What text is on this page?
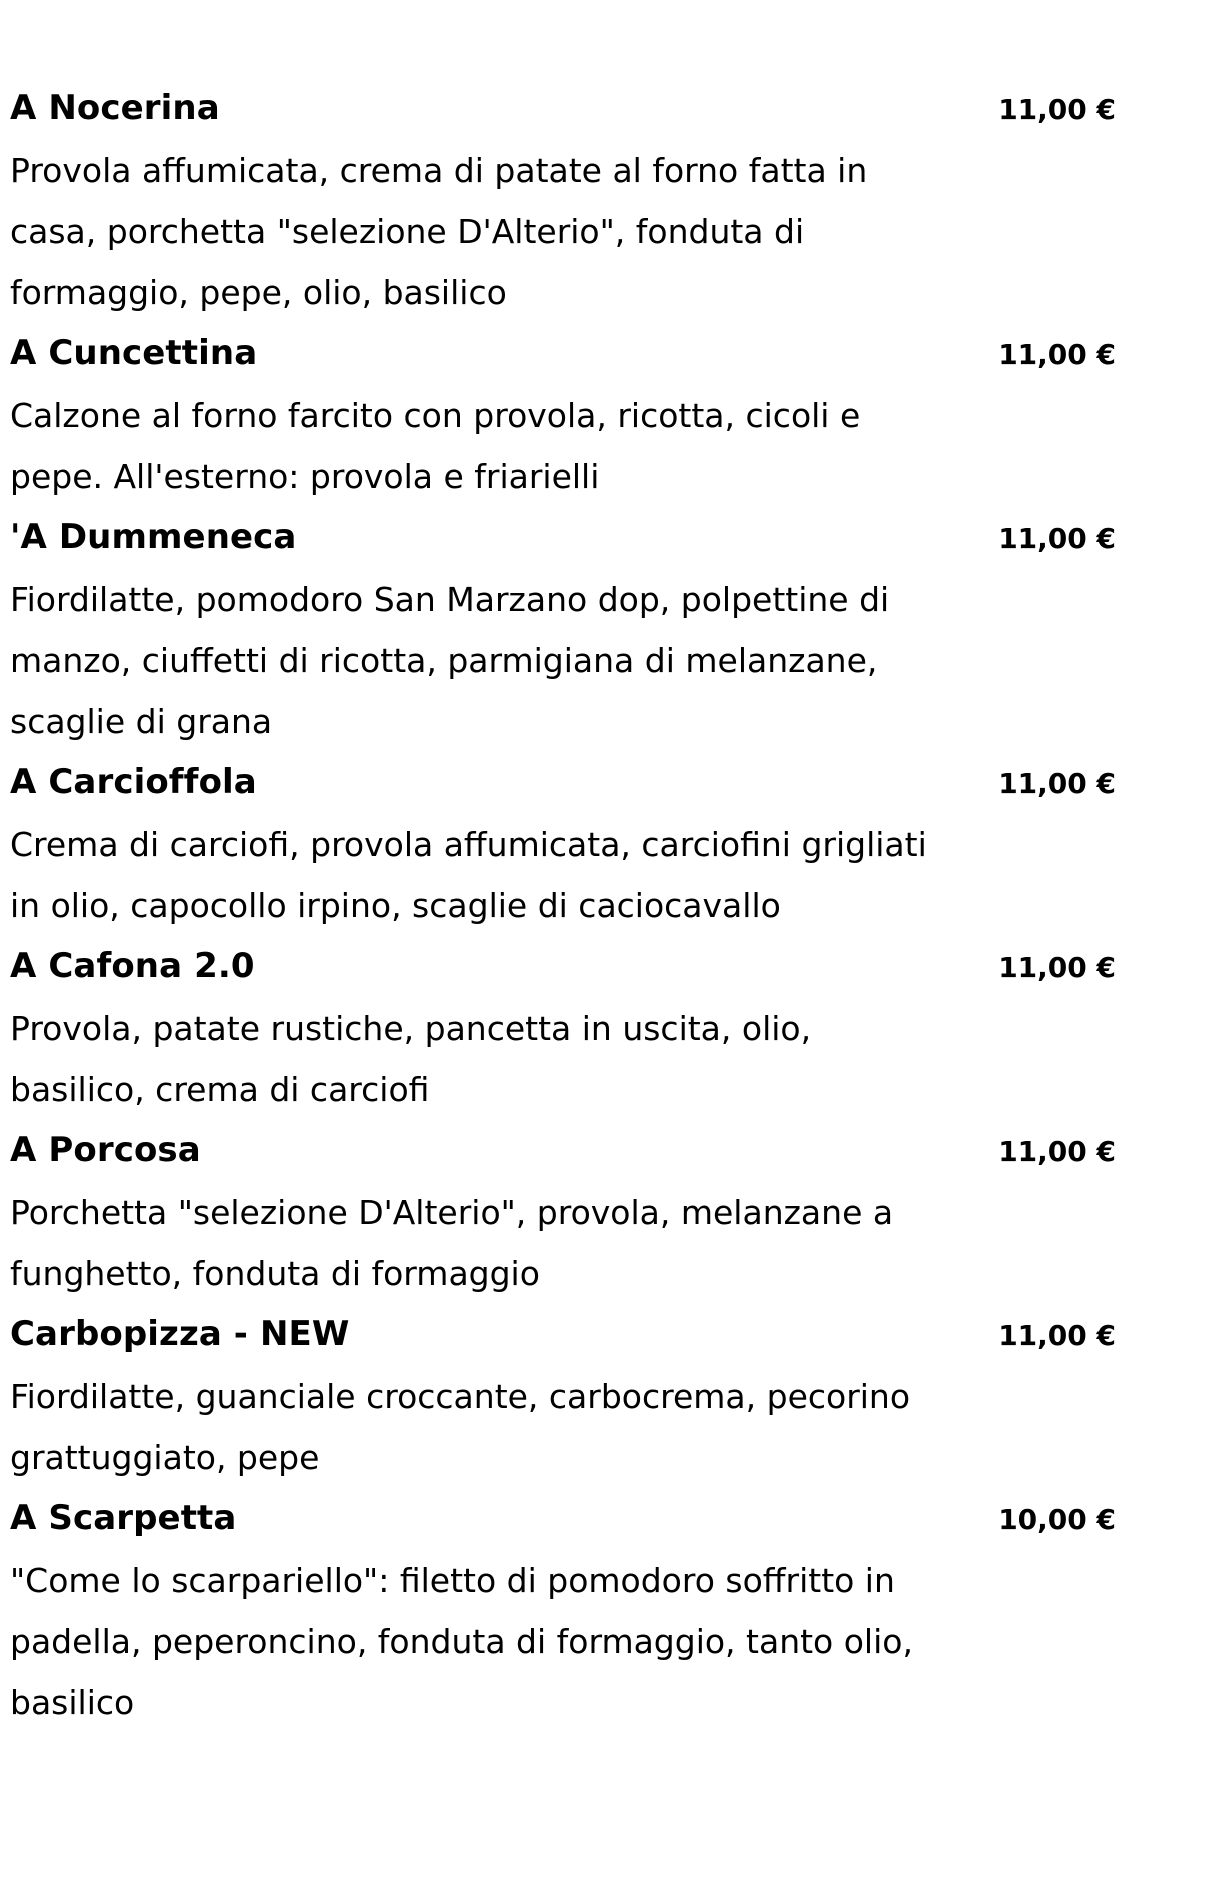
A Nocerina	11,00 €
Provola affumicata, crema di patate al forno fatta in casa, porchetta "selezione D'Alterio", fonduta di formaggio, pepe, olio, basilico
A Cuncettina	11,00 €
Calzone al forno farcito con provola, ricotta, cicoli e pepe. All'esterno: provola e friarielli
'A Dummeneca	11,00 €
Fiordilatte, pomodoro San Marzano dop, polpettine di manzo, ciuffetti di ricotta, parmigiana di melanzane, scaglie di grana
A Carcioffola	11,00 €
Crema di carciofi, provola affumicata, carciofini grigliati in olio, capocollo irpino, scaglie di caciocavallo
A Cafona 2.0	11,00 €
Provola, patate rustiche, pancetta in uscita, olio, basilico, crema di carciofi
A Porcosa	11,00 €
Porchetta "selezione D'Alterio", provola, melanzane a funghetto, fonduta di formaggio
Carbopizza - NEW	11,00 €
Fiordilatte, guanciale croccante, carbocrema, pecorino grattuggiato, pepe
A Scarpetta	10,00 €
"Come lo scarpariello": filetto di pomodoro soffritto in padella, peperoncino, fonduta di formaggio, tanto olio, basilico
